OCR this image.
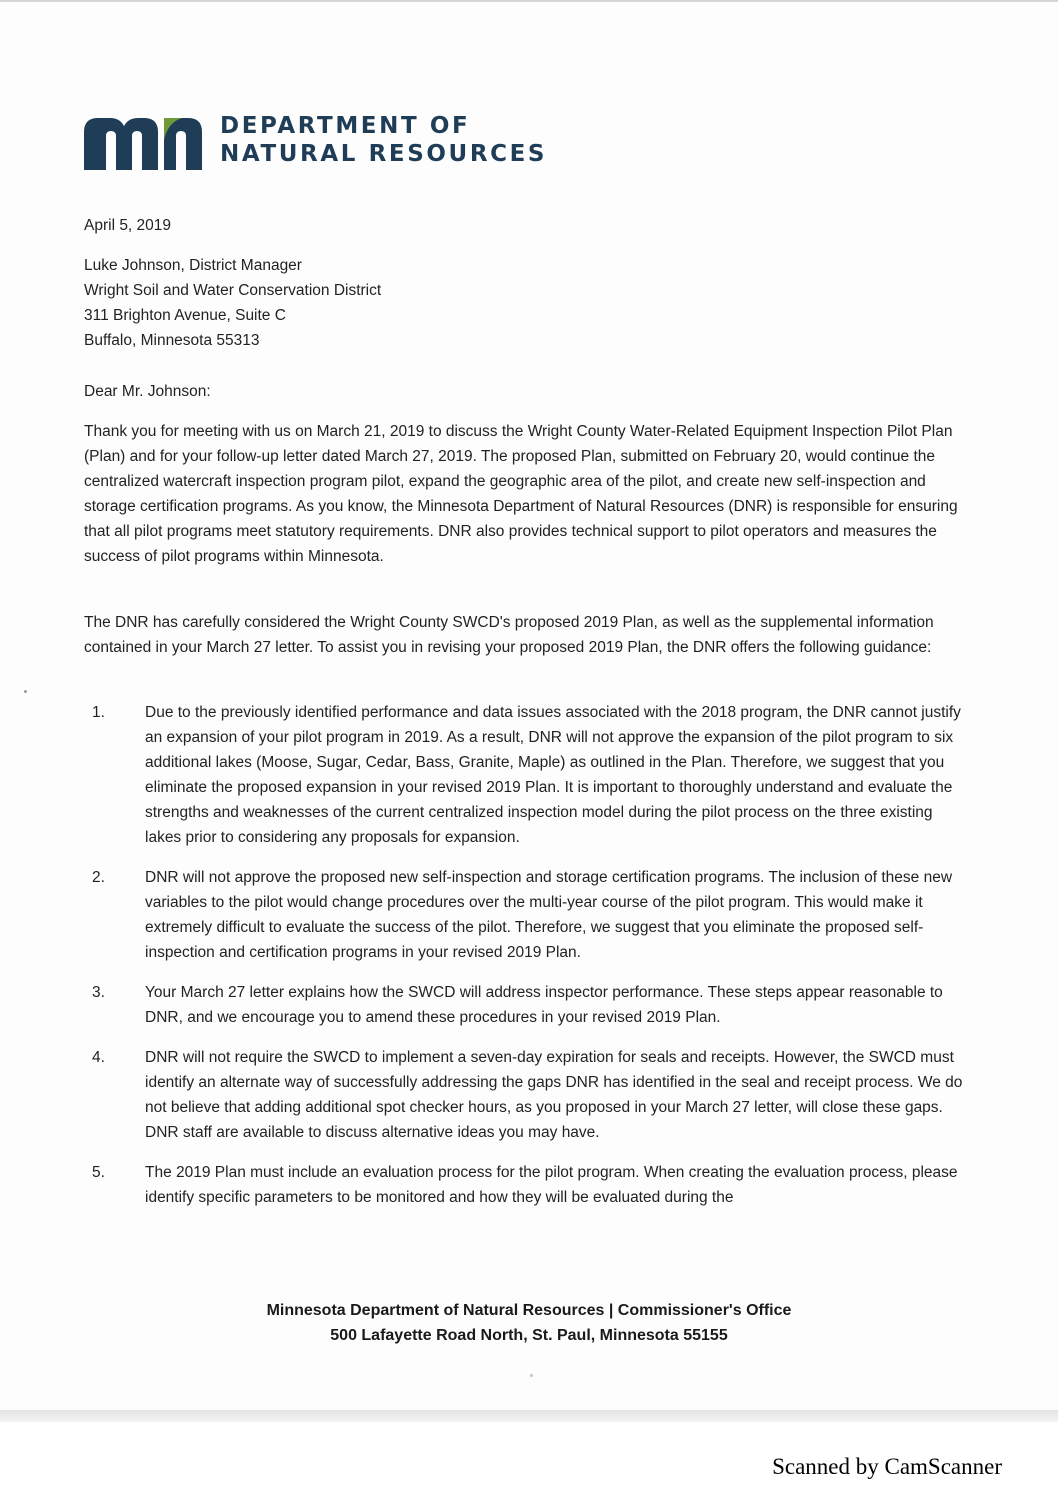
DEPARTMENT OF
NATURAL RESOURCES
April 5, 2019
Luke Johnson, District Manager
Wright Soil and Water Conservation District
311 Brighton Avenue, Suite C
Buffalo, Minnesota 55313
Dear Mr. Johnson:
Thank you for meeting with us on March 21, 2019 to discuss the Wright County Water-Related Equipment Inspection Pilot Plan (Plan) and for your follow-up letter dated March 27, 2019. The proposed Plan, submitted on February 20, would continue the centralized watercraft inspection program pilot, expand the geographic area of the pilot, and create new self-inspection and storage certification programs. As you know, the Minnesota Department of Natural Resources (DNR) is responsible for ensuring that all pilot programs meet statutory requirements. DNR also provides technical support to pilot operators and measures the success of pilot programs within Minnesota.
The DNR has carefully considered the Wright County SWCD's proposed 2019 Plan, as well as the supplemental information contained in your March 27 letter. To assist you in revising your proposed 2019 Plan, the DNR offers the following guidance:
1.	Due to the previously identified performance and data issues associated with the 2018 program, the DNR cannot justify an expansion of your pilot program in 2019. As a result, DNR will not approve the expansion of the pilot program to six additional lakes (Moose, Sugar, Cedar, Bass, Granite, Maple) as outlined in the Plan. Therefore, we suggest that you eliminate the proposed expansion in your revised 2019 Plan. It is important to thoroughly understand and evaluate the strengths and weaknesses of the current centralized inspection model during the pilot process on the three existing lakes prior to considering any proposals for expansion.
2.	DNR will not approve the proposed new self-inspection and storage certification programs. The inclusion of these new variables to the pilot would change procedures over the multi-year course of the pilot program. This would make it extremely difficult to evaluate the success of the pilot. Therefore, we suggest that you eliminate the proposed self-inspection and certification programs in your revised 2019 Plan.
3.	Your March 27 letter explains how the SWCD will address inspector performance. These steps appear reasonable to DNR, and we encourage you to amend these procedures in your revised 2019 Plan.
4.	DNR will not require the SWCD to implement a seven-day expiration for seals and receipts. However, the SWCD must identify an alternate way of successfully addressing the gaps DNR has identified in the seal and receipt process. We do not believe that adding additional spot checker hours, as you proposed in your March 27 letter, will close these gaps. DNR staff are available to discuss alternative ideas you may have.
5.	The 2019 Plan must include an evaluation process for the pilot program. When creating the evaluation process, please identify specific parameters to be monitored and how they will be evaluated during the
Minnesota Department of Natural Resources | Commissioner's Office
500 Lafayette Road North, St. Paul, Minnesota 55155
Scanned by CamScanner
